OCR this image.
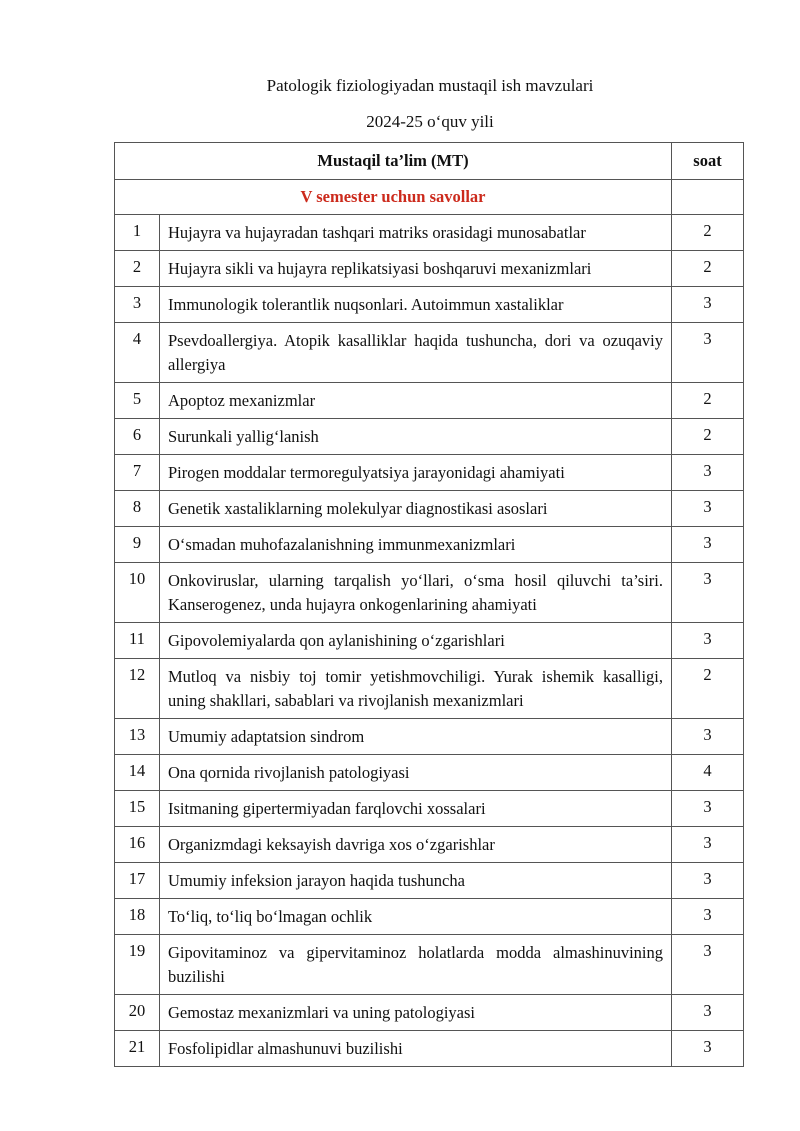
Patologik fiziologiyadan mustaqil ish mavzulari
2024-25 o‘quv yili
Mustaqil ta’lim (MT)		soat
V semester uchun savollar		
1	Hujayra va hujayradan tashqari matriks orasidagi munosabatlar	2
2	Hujayra sikli va hujayra replikatsiyasi boshqaruvi mexanizmlari	2
3	Immunologik tolerantlik nuqsonlari. Autoimmun xastaliklar	3
4	Psevdoallergiya. Atopik kasalliklar haqida tushuncha, dori va ozuqaviy allergiya	3
5	Apoptoz mexanizmlar	2
6	Surunkali yallig‘lanish	2
7	Pirogen moddalar termoregulyatsiya jarayonidagi ahamiyati	3
8	Genetik xastaliklarning molekulyar diagnostikasi asoslari	3
9	O‘smadan muhofazalanishning immunmexanizmlari	3
10	Onkoviruslar, ularning tarqalish yo‘llari, o‘sma hosil qiluvchi ta’siri. Kanserogenez, unda hujayra onkogenlarining ahamiyati	3
11	Gipovolemiyalarda qon aylanishining o‘zgarishlari	3
12	Mutloq va nisbiy toj tomir yetishmovchiligi. Yurak ishemik kasalligi, uning shakllari, sabablari va rivojlanish mexanizmlari	2
13	Umumiy adaptatsion sindrom	3
14	Ona qornida rivojlanish patologiyasi	4
15	Isitmaning gipertermiyadan farqlovchi xossalari	3
16	Organizmdagi keksayish davriga xos o‘zgarishlar	3
17	Umumiy infeksion jarayon haqida tushuncha	3
18	To‘liq, to‘liq bo‘lmagan ochlik	3
19	Gipovitaminoz va gipervitaminoz holatlarda modda almashinuvining buzilishi	3
20	Gemostaz mexanizmlari va uning patologiyasi	3
21	Fosfolipidlar almashunuvi buzilishi	3
